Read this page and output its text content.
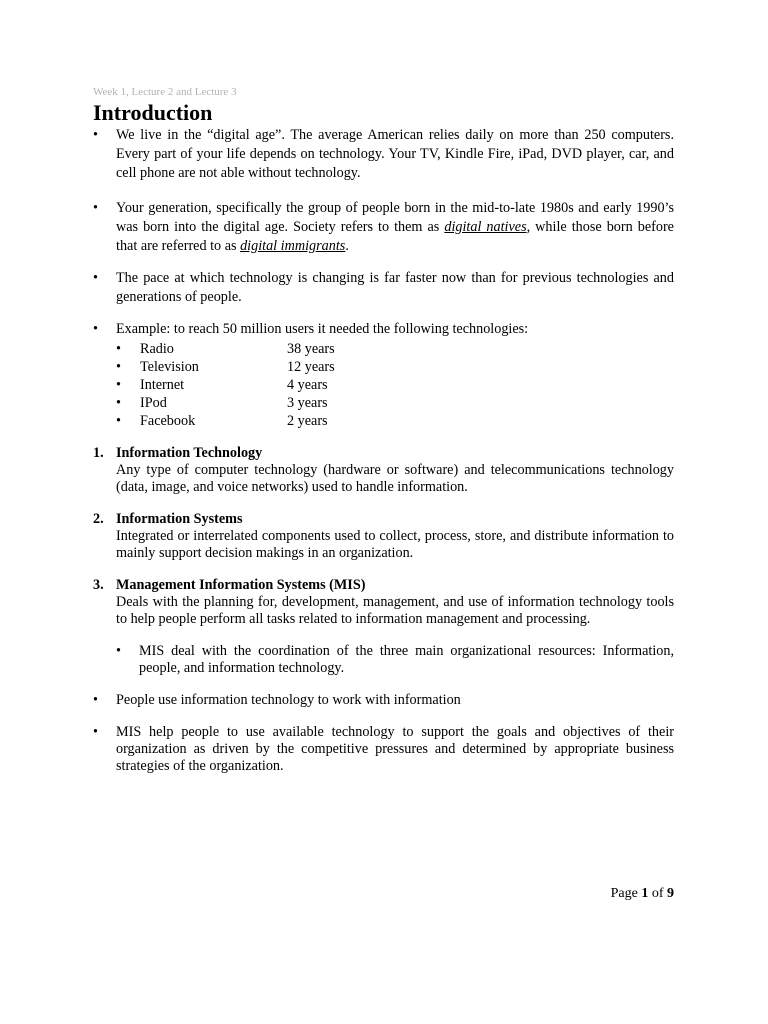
Week 1, Lecture 2 and Lecture 3
Introduction
• We live in the “digital age”. The average American relies daily on more than 250 computers. Every part of your life depends on technology. Your TV, Kindle Fire, iPad, DVD player, car, and cell phone are not able without technology.
• Your generation, specifically the group of people born in the mid-to-late 1980s and early 1990’s was born into the digital age. Society refers to them as digital natives, while those born before that are referred to as digital immigrants.
• The pace at which technology is changing is far faster now than for previous technologies and generations of people.
• Example: to reach 50 million users it needed the following technologies:
• Radio	38 years
• Television	12 years
• Internet	4 years
• IPod	3 years
• Facebook	2 years
1. Information Technology
Any type of computer technology (hardware or software) and telecommunications technology (data, image, and voice networks) used to handle information.
2. Information Systems
Integrated or interrelated components used to collect, process, store, and distribute information to mainly support decision makings in an organization.
3. Management Information Systems (MIS)
Deals with the planning for, development, management, and use of information technology tools to help people perform all tasks related to information management and processing.
• MIS deal with the coordination of the three main organizational resources: Information, people, and information technology.
• People use information technology to work with information
• MIS help people to use available technology to support the goals and objectives of their organization as driven by the competitive pressures and determined by appropriate business strategies of the organization.
Page 1 of 9
